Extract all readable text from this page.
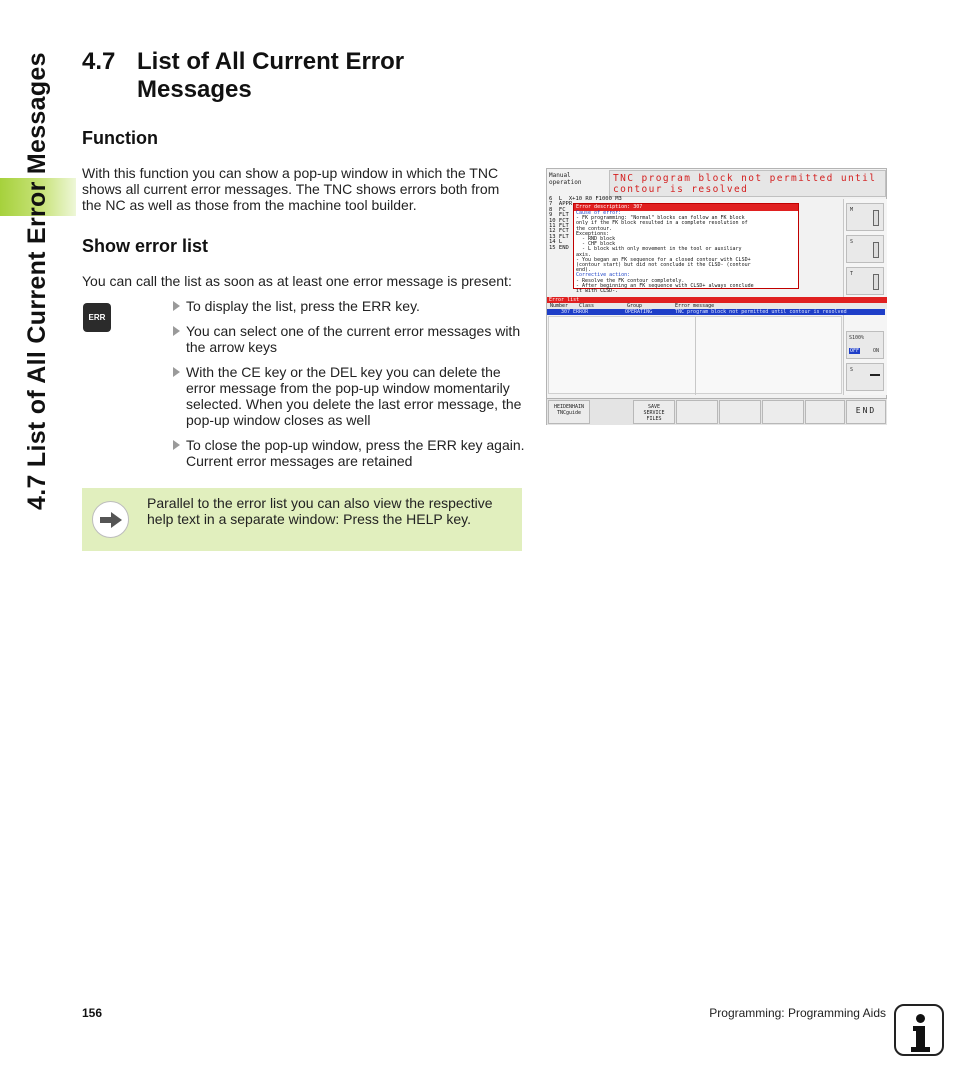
4.7 List of All Current Error Messages 4.7 List of All Current Error
Messages
Function
With this function you can show a pop-up window in which the TNC shows all current error messages. The TNC shows errors both from the NC as well as those from the machine tool builder.
Show error list
You can call the list as soon as at least one error message is present:
ERR
To display the list, press the ERR key.
You can select one of the current error messages with the arrow keys
With the CE key or the DEL key you can delete the error message from the pop-up window momentarily selected. When you delete the last error message, the pop-up window closes as well
To close the pop-up window, press the ERR key again. Current error messages are retained
Parallel to the error list you can also view the respective help text in a separate window: Press the HELP key.
Manual
operation	TNC program block not permitted until
contour is resolved
6  L  X+10 R0 F1000 M3
7  APPR
8  FC
9  FLT
10 FCT
11 FLT
12 FCT
13 FLT
14 L
15 END
Error description: 307
Cause of error:
- FK programming: "Normal" blocks can follow an FK block
only if the FK block resulted in a complete resolution of
the contour.
Exceptions:
- RND block
- CHF block
- L block with only movement in the tool or auxiliary
axis.
- You began an FK sequence for a closed contour with CLSD+
(contour start) but did not conclude it the CLSD- (contour
end).
Corrective action:
- Resolve the FK contour completely.
- After beginning an FK sequence with CLSD+ always conclude
it with CLSD-.
M
S
T
S100%
OFF	ON
S
Error list
Number Class	Group	Error message
307 ERROR	OPERATING	TNC program block not permitted until contour is resolved
HEIDENHAIN
TNCguide
SAVE
SERVICE
FILES
END
156	Programming: Programming Aids
